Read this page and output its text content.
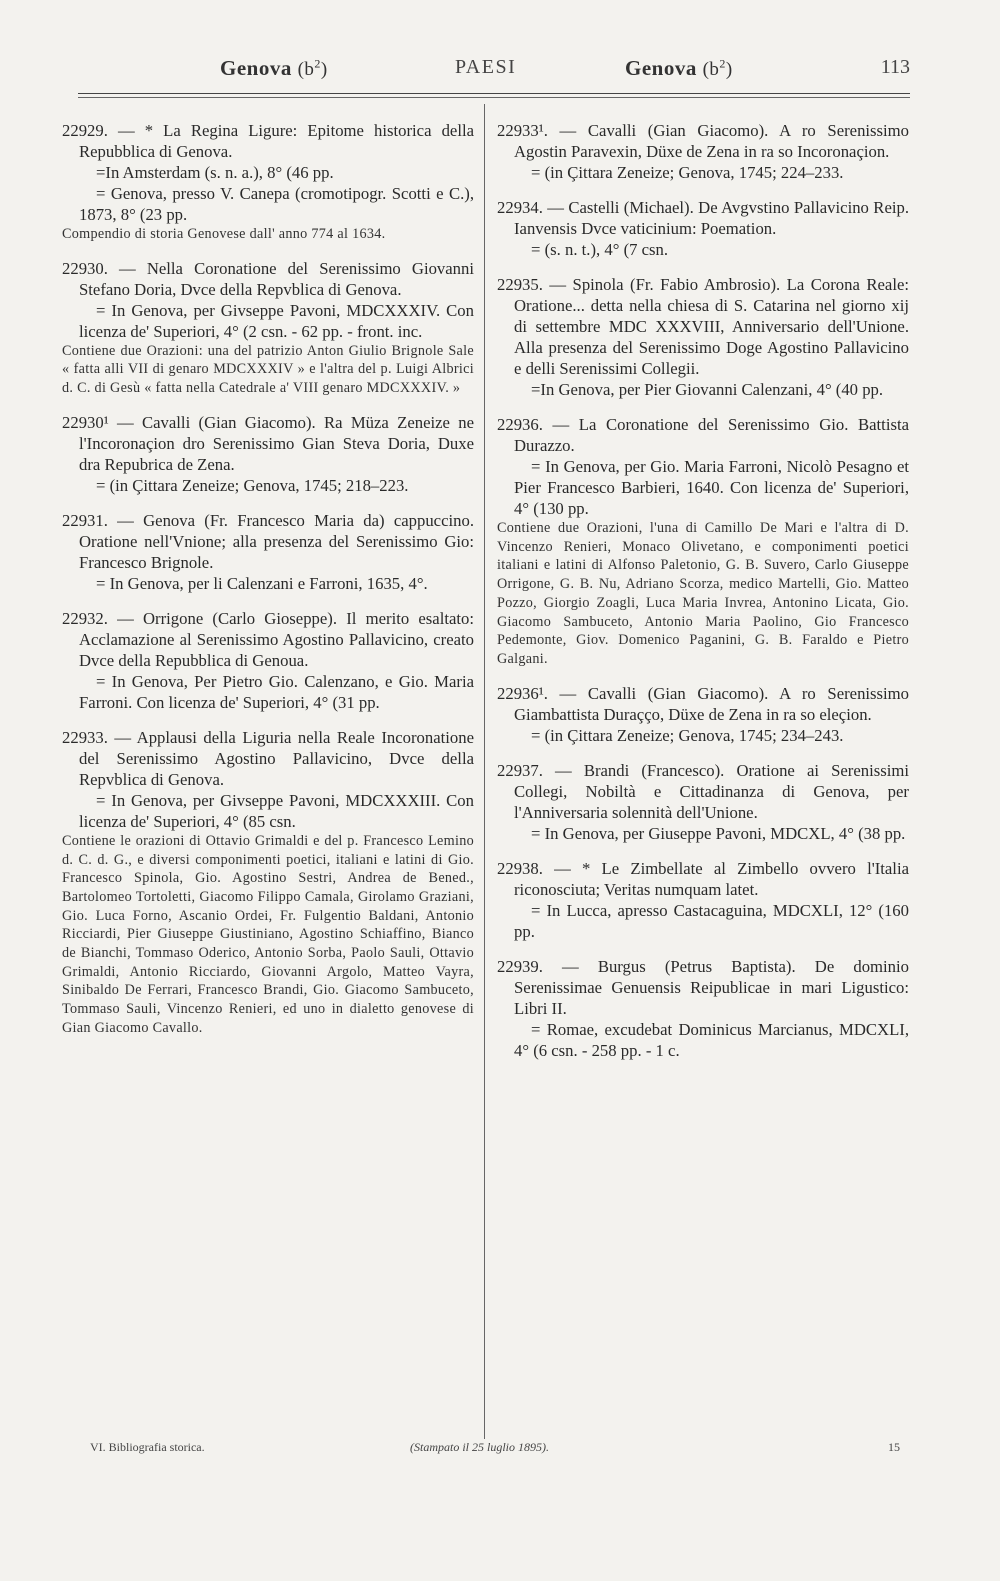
Genova $(b^2)$	PAESI	Genova $(b^2)$	113

22929. — * La Regina Ligure: Epitome historica della Repubblica di Genova.

=In Amsterdam (s. n. a.), 8° (46 pp.

= Genova, presso V. Canepa (cromotipogr. Scotti e C.), 1873, 8° (23 pp.

Compendio di storia Genovese dall' anno 774 al 1634.

22930. — Nella Coronatione del Serenissimo Giovanni Stefano Doria, Dvce della Repvblica di Genova.

= In Genova, per Givseppe Pavoni, MDCXXXIV. Con licenza de' Superiori, 4° (2 csn. - 62 pp. - front. inc.

Contiene due Orazioni: una del patrizio Anton Giulio Brignole Sale « fatta alli VII di genaro MDCXXXIV » e l'altra del p. Luigi Albrici d. C. di Gesù « fatta nella Catedrale a' VIII genaro MDCXXXIV. »

22930¹ — Cavalli (Gian Giacomo). Ra Müza Zeneize ne l'Incoronaçion dro Serenissimo Gian Steva Doria, Duxe dra Repubrica de Zena.

= (in Çittara Zeneize; Genova, 1745; 218–223.

22931. — Genova (Fr. Francesco Maria da) cappuccino. Oratione nell'Vnione; alla presenza del Serenissimo Gio: Francesco Brignole.

= In Genova, per li Calenzani e Farroni, 1635, 4°.

22932. — Orrigone (Carlo Gioseppe). Il merito esaltato: Acclamazione al Serenissimo Agostino Pallavicino, creato Dvce della Repubblica di Genoua.

= In Genova, Per Pietro Gio. Calenzano, e Gio. Maria Farroni. Con licenza de' Superiori, 4° (31 pp.

22933. — Applausi della Liguria nella Reale Incoronatione del Serenissimo Agostino Pallavicino, Dvce della Repvblica di Genova.

= In Genova, per Givseppe Pavoni, MDCXXXIII. Con licenza de' Superiori, 4° (85 csn.

Contiene le orazioni di Ottavio Grimaldi e del p. Francesco Lemino d. C. d. G., e diversi componimenti poetici, italiani e latini di Gio. Francesco Spinola, Gio. Agostino Sestri, Andrea de Bened., Bartolomeo Tortoletti, Giacomo Filippo Camala, Girolamo Graziani, Gio. Luca Forno, Ascanio Ordei, Fr. Fulgentio Baldani, Antonio Ricciardi, Pier Giuseppe Giustiniano, Agostino Schiaffino, Bianco de Bianchi, Tommaso Oderico, Antonio Sorba, Paolo Sauli, Ottavio Grimaldi, Antonio Ricciardo, Giovanni Argolo, Matteo Vayra, Sinibaldo De Ferrari, Francesco Brandi, Gio. Giacomo Sambuceto, Tommaso Sauli, Vincenzo Renieri, ed uno in dialetto genovese di Gian Giacomo Cavallo.

22933¹. — Cavalli (Gian Giacomo). A ro Serenissimo Agostin Paravexin, Düxe de Zena in ra so Incoronaçion.

= (in Çittara Zeneize; Genova, 1745; 224–233.

22934. — Castelli (Michael). De Avgvstino Pallavicino Reip. Ianvensis Dvce vaticinium: Poemation.

= (s. n. t.), 4° (7 csn.

22935. — Spinola (Fr. Fabio Ambrosio). La Corona Reale: Oratione... detta nella chiesa di S. Catarina nel giorno xij di settembre MDC XXXVIII, Anniversario dell'Unione. Alla presenza del Serenissimo Doge Agostino Pallavicino e delli Serenissimi Collegii.

=In Genova, per Pier Giovanni Calenzani, 4° (40 pp.

22936. — La Coronatione del Serenissimo Gio. Battista Durazzo.

= In Genova, per Gio. Maria Farroni, Nicolò Pesagno et Pier Francesco Barbieri, 1640. Con licenza de' Superiori, 4° (130 pp.

Contiene due Orazioni, l'una di Camillo De Mari e l'altra di D. Vincenzo Renieri, Monaco Olivetano, e componimenti poetici italiani e latini di Alfonso Paletonio, G. B. Suvero, Carlo Giuseppe Orrigone, G. B. Nu, Adriano Scorza, medico Martelli, Gio. Matteo Pozzo, Giorgio Zoagli, Luca Maria Invrea, Antonino Licata, Gio. Giacomo Sambuceto, Antonio Maria Paolino, Gio Francesco Pedemonte, Giov. Domenico Paganini, G. B. Faraldo e Pietro Galgani.

22936¹. — Cavalli (Gian Giacomo). A ro Serenissimo Giambattista Duraçço, Düxe de Zena in ra so eleçion.

= (in Çittara Zeneize; Genova, 1745; 234–243.

22937. — Brandi (Francesco). Oratione ai Serenissimi Collegi, Nobiltà e Cittadinanza di Genova, per l'Anniversaria solennità dell'Unione.

= In Genova, per Giuseppe Pavoni, MDCXL, 4° (38 pp.

22938. — * Le Zimbellate al Zimbello ovvero l'Italia riconosciuta; Veritas numquam latet.

= In Lucca, apresso Castacaguina, MDCXLI, 12° (160 pp.

22939. — Burgus (Petrus Baptista). De dominio Serenissimae Genuensis Reipublicae in mari Ligustico: Libri II.

= Romae, excudebat Dominicus Marcianus, MDCXLI, 4° (6 csn. - 258 pp. - 1 c.

VI. Bibliografia storica.	(Stampato il 25 luglio 1895).	15
